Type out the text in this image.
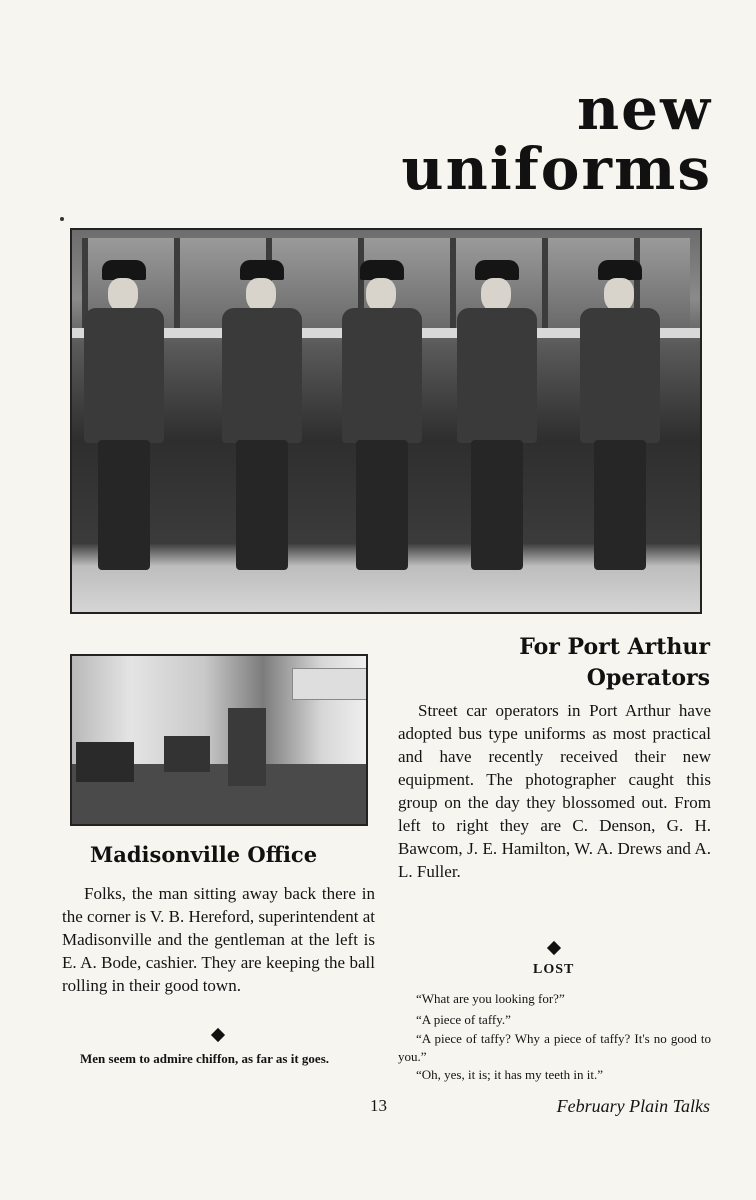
new
uniforms
For Port Arthur
Operators
Street car operators in Port Arthur have adopted bus type uniforms as most practical and have recently received their new equipment. The photographer caught this group on the day they blossomed out. From left to right they are C. Denson, G. H. Bawcom, J. E. Hamilton, W. A. Drews and A. L. Fuller.
Madisonville Office
Folks, the man sitting away back there in the corner is V. B. Hereford, superintendent at Madisonville and the gentleman at the left is E. A. Bode, cashier. They are keeping the ball rolling in their good town.
LOST
“What are you looking for?”
“A piece of taffy.”
“A piece of taffy? Why a piece of taffy? It's no good to you.”
“Oh, yes, it is; it has my teeth in it.”
Men seem to admire chiffon, as far as it goes.
13	February Plain Talks
